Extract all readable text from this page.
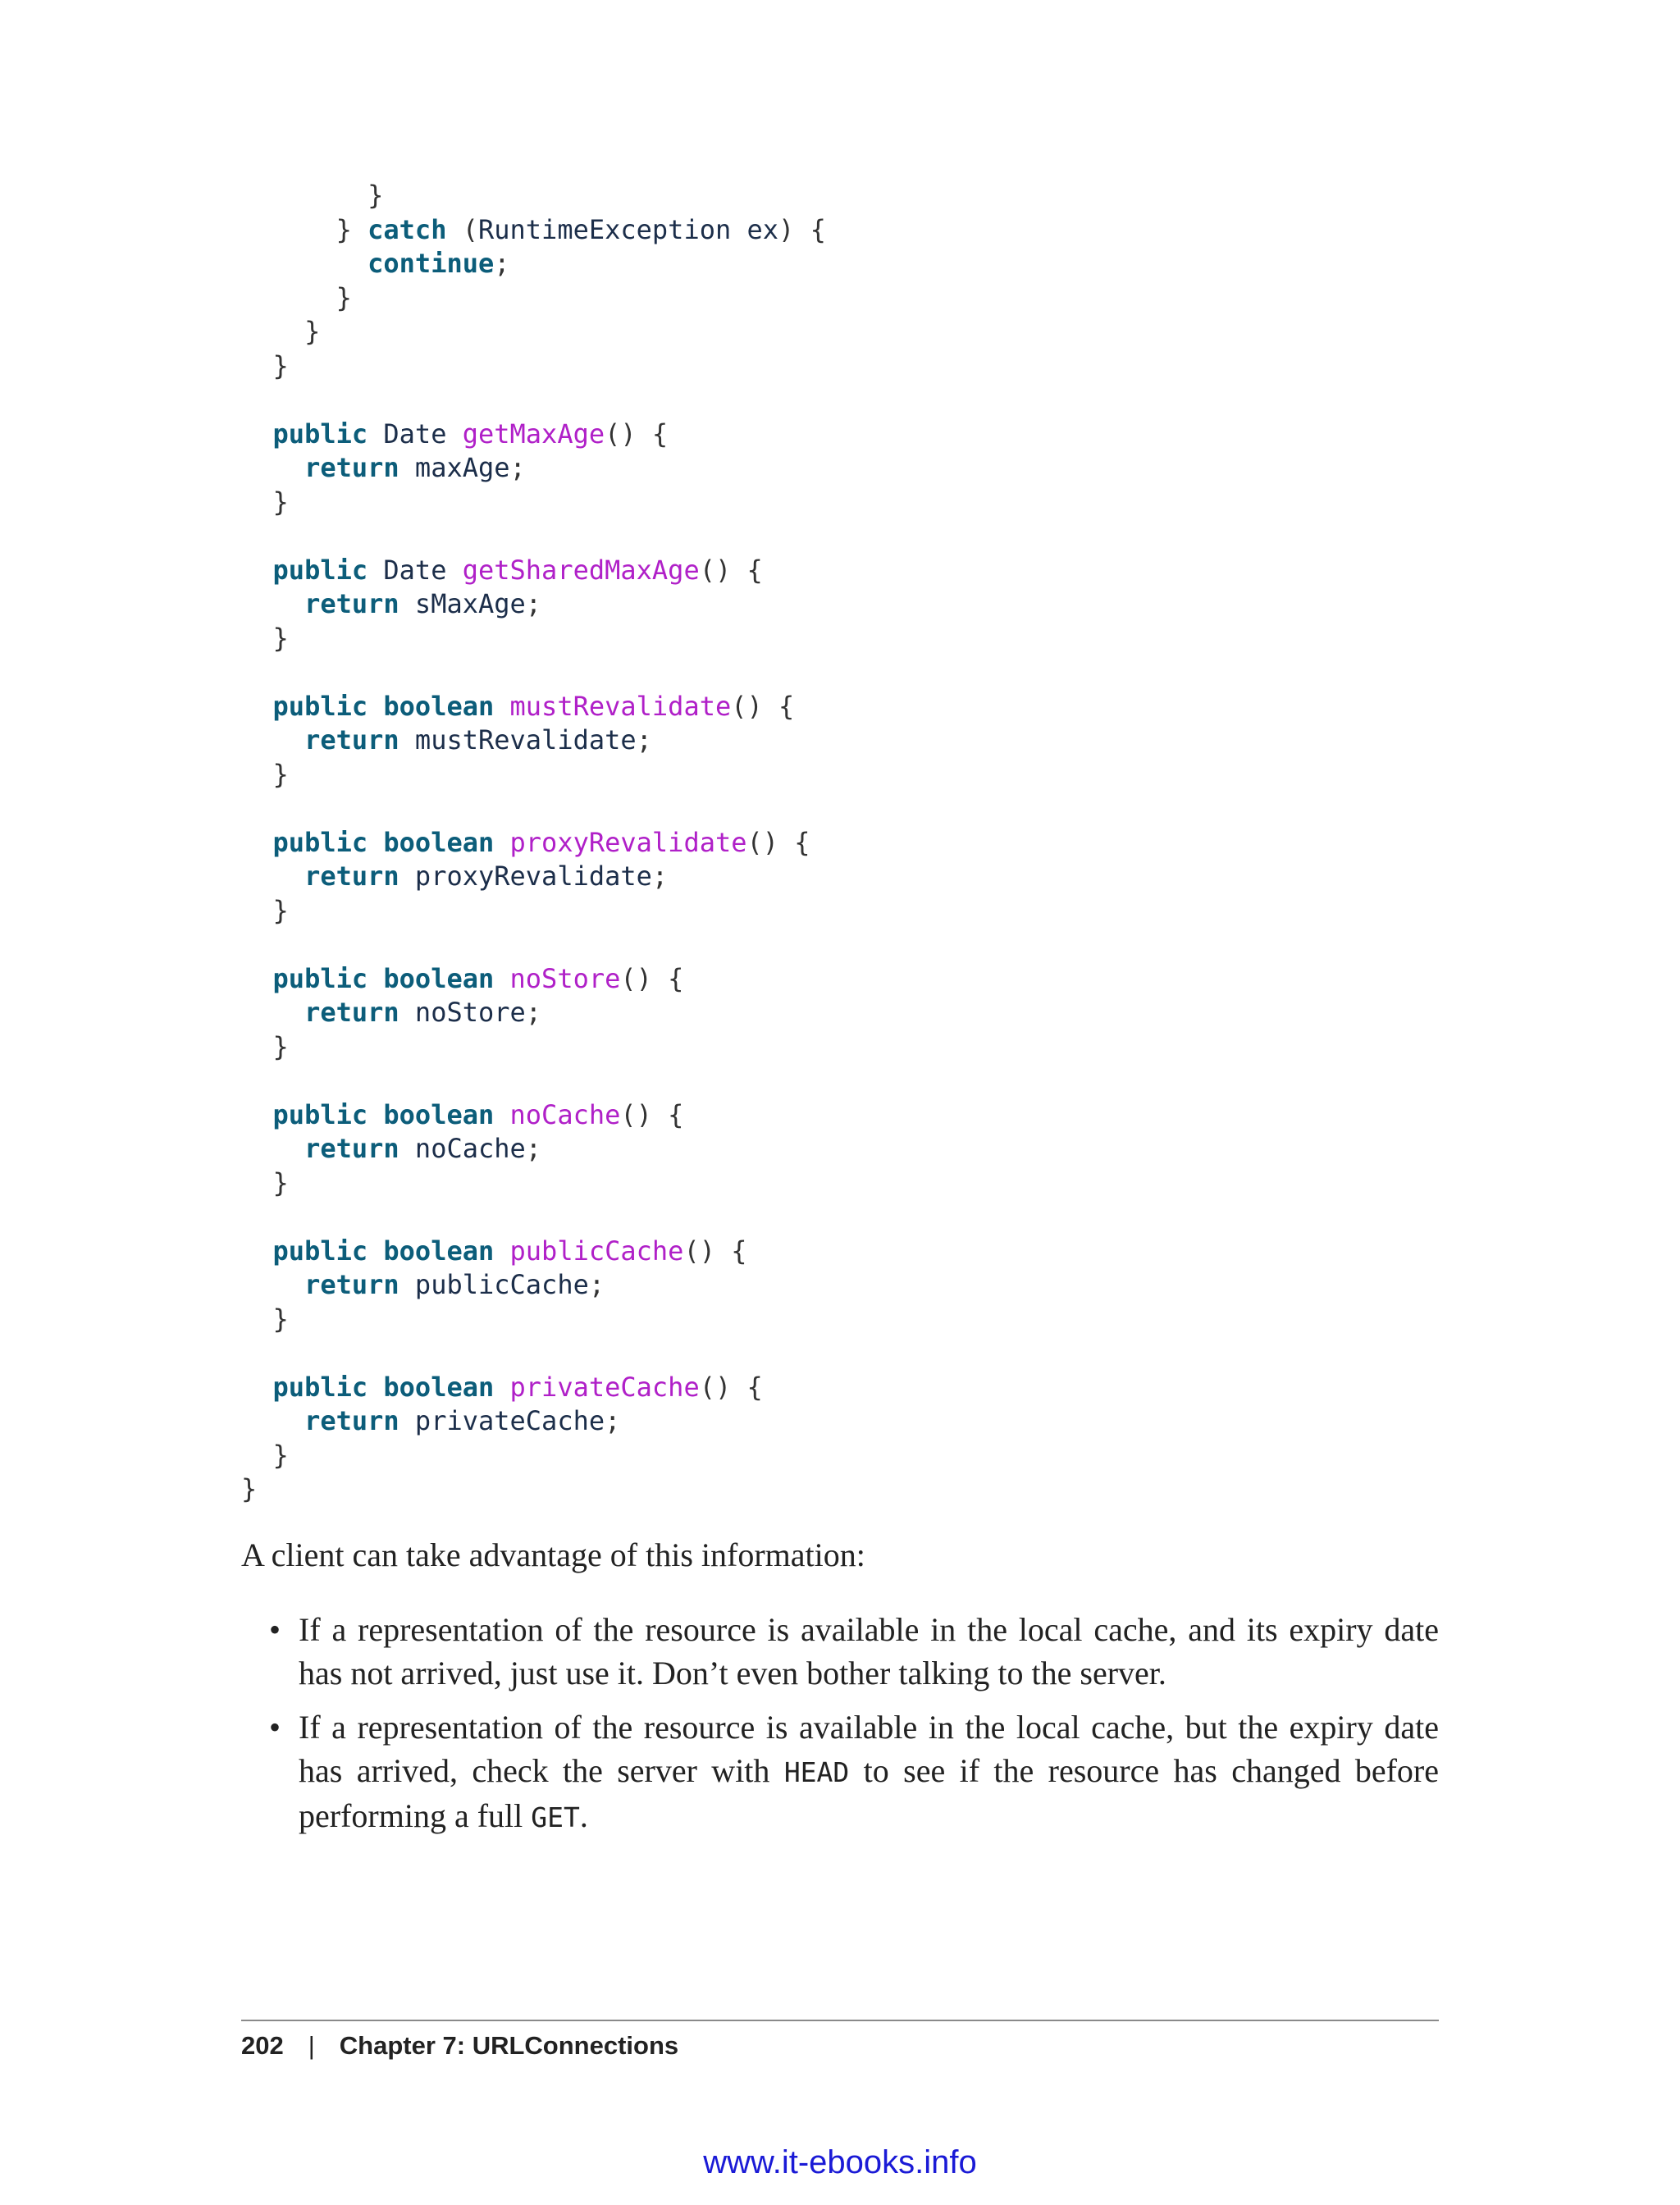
}
} catch (RuntimeException ex) {
continue;
}
}
}
public Date getMaxAge() {
return maxAge;
}
public Date getSharedMaxAge() {
return sMaxAge;
}
public boolean mustRevalidate() {
return mustRevalidate;
}
public boolean proxyRevalidate() {
return proxyRevalidate;
}
public boolean noStore() {
return noStore;
}
public boolean noCache() {
return noCache;
}
public boolean publicCache() {
return publicCache;
}
public boolean privateCache() {
return privateCache;
}
}

A client can take advantage of this information:

• If a representation of the resource is available in the local cache, and its expiry date has not arrived, just use it. Don’t even bother talking to the server.
• If a representation of the resource is available in the local cache, but the expiry date has arrived, check the server with HEAD to see if the resource has changed before performing a full GET.
202 | Chapter 7: URLConnections
www.it-ebooks.info
